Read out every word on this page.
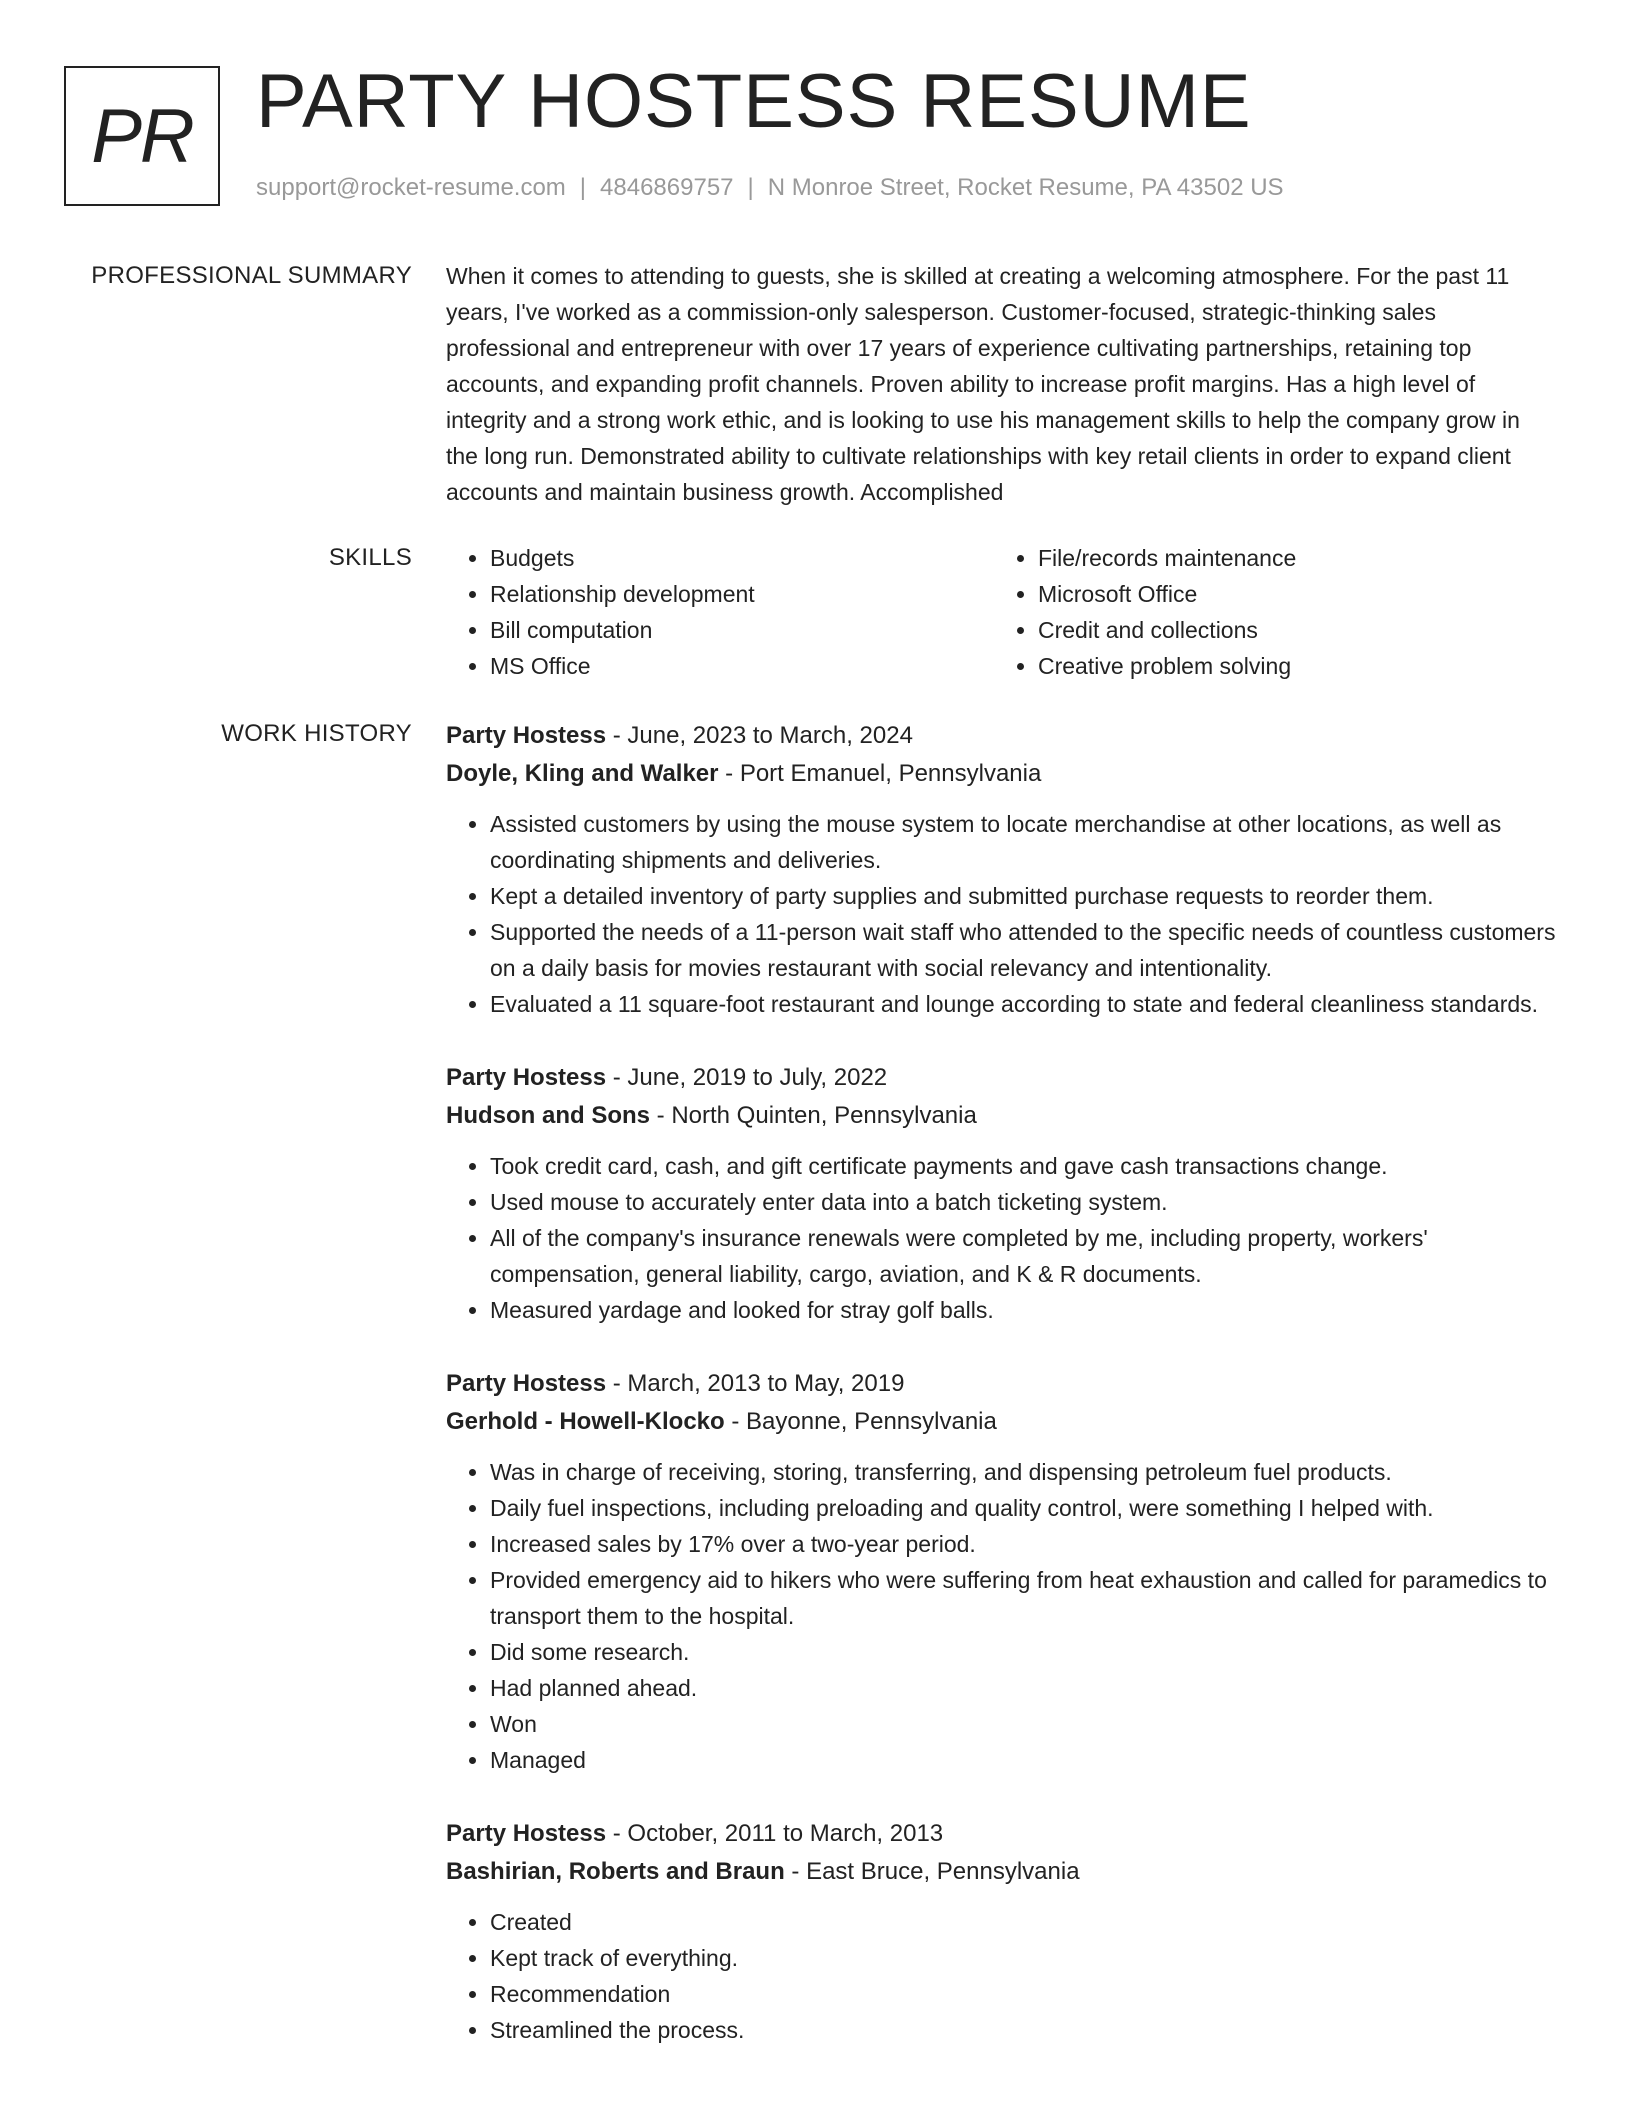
PR PARTY HOSTESS RESUME
support@rocket-resume.com | 4846869757 | N Monroe Street, Rocket Resume, PA 43502 US
PROFESSIONAL SUMMARY When it comes to attending to guests, she is skilled at creating a welcoming atmosphere. For the past 11 years, I've worked as a commission-only salesperson. Customer-focused, strategic-thinking sales professional and entrepreneur with over 17 years of experience cultivating partnerships, retaining top accounts, and expanding profit channels. Proven ability to increase profit margins. Has a high level of integrity and a strong work ethic, and is looking to use his management skills to help the company grow in the long run. Demonstrated ability to cultivate relationships with key retail clients in order to expand client accounts and maintain business growth. Accomplished

SKILLS
•	Budgets
• Relationship development
• Bill computation
• MS Office
• File/records maintenance
• Microsoft Office
• Credit and collections
• Creative problem solving
WORK HISTORY Party Hostess - June, 2023 to March, 2024
Doyle, Kling and Walker - Port Emanuel, Pennsylvania
• Assisted customers by using the mouse system to locate merchandise at other locations, as well as coordinating shipments and deliveries.
• Kept a detailed inventory of party supplies and submitted purchase requests to reorder them.
• Supported the needs of a 11-person wait staff who attended to the specific needs of countless customers on a daily basis for movies restaurant with social relevancy and intentionality.
• Evaluated a 11 square-foot restaurant and lounge according to state and federal cleanliness standards.
Party Hostess - June, 2019 to July, 2022
Hudson and Sons - North Quinten, Pennsylvania
• Took credit card, cash, and gift certificate payments and gave cash transactions change.
• Used mouse to accurately enter data into a batch ticketing system.
• All of the company's insurance renewals were completed by me, including property, workers' compensation, general liability, cargo, aviation, and K & R documents.
• Measured yardage and looked for stray golf balls.
Party Hostess - March, 2013 to May, 2019
Gerhold - Howell-Klocko - Bayonne, Pennsylvania
• Was in charge of receiving, storing, transferring, and dispensing petroleum fuel products.
• Daily fuel inspections, including preloading and quality control, were something I helped with.
• Increased sales by 17% over a two-year period.
• Provided emergency aid to hikers who were suffering from heat exhaustion and called for paramedics to transport them to the hospital.
• Did some research.
• Had planned ahead.
• Won
• Managed
Party Hostess - October, 2011 to March, 2013
Bashirian, Roberts and Braun - East Bruce, Pennsylvania
• Created
• Kept track of everything.
• Recommendation
• Streamlined the process.
